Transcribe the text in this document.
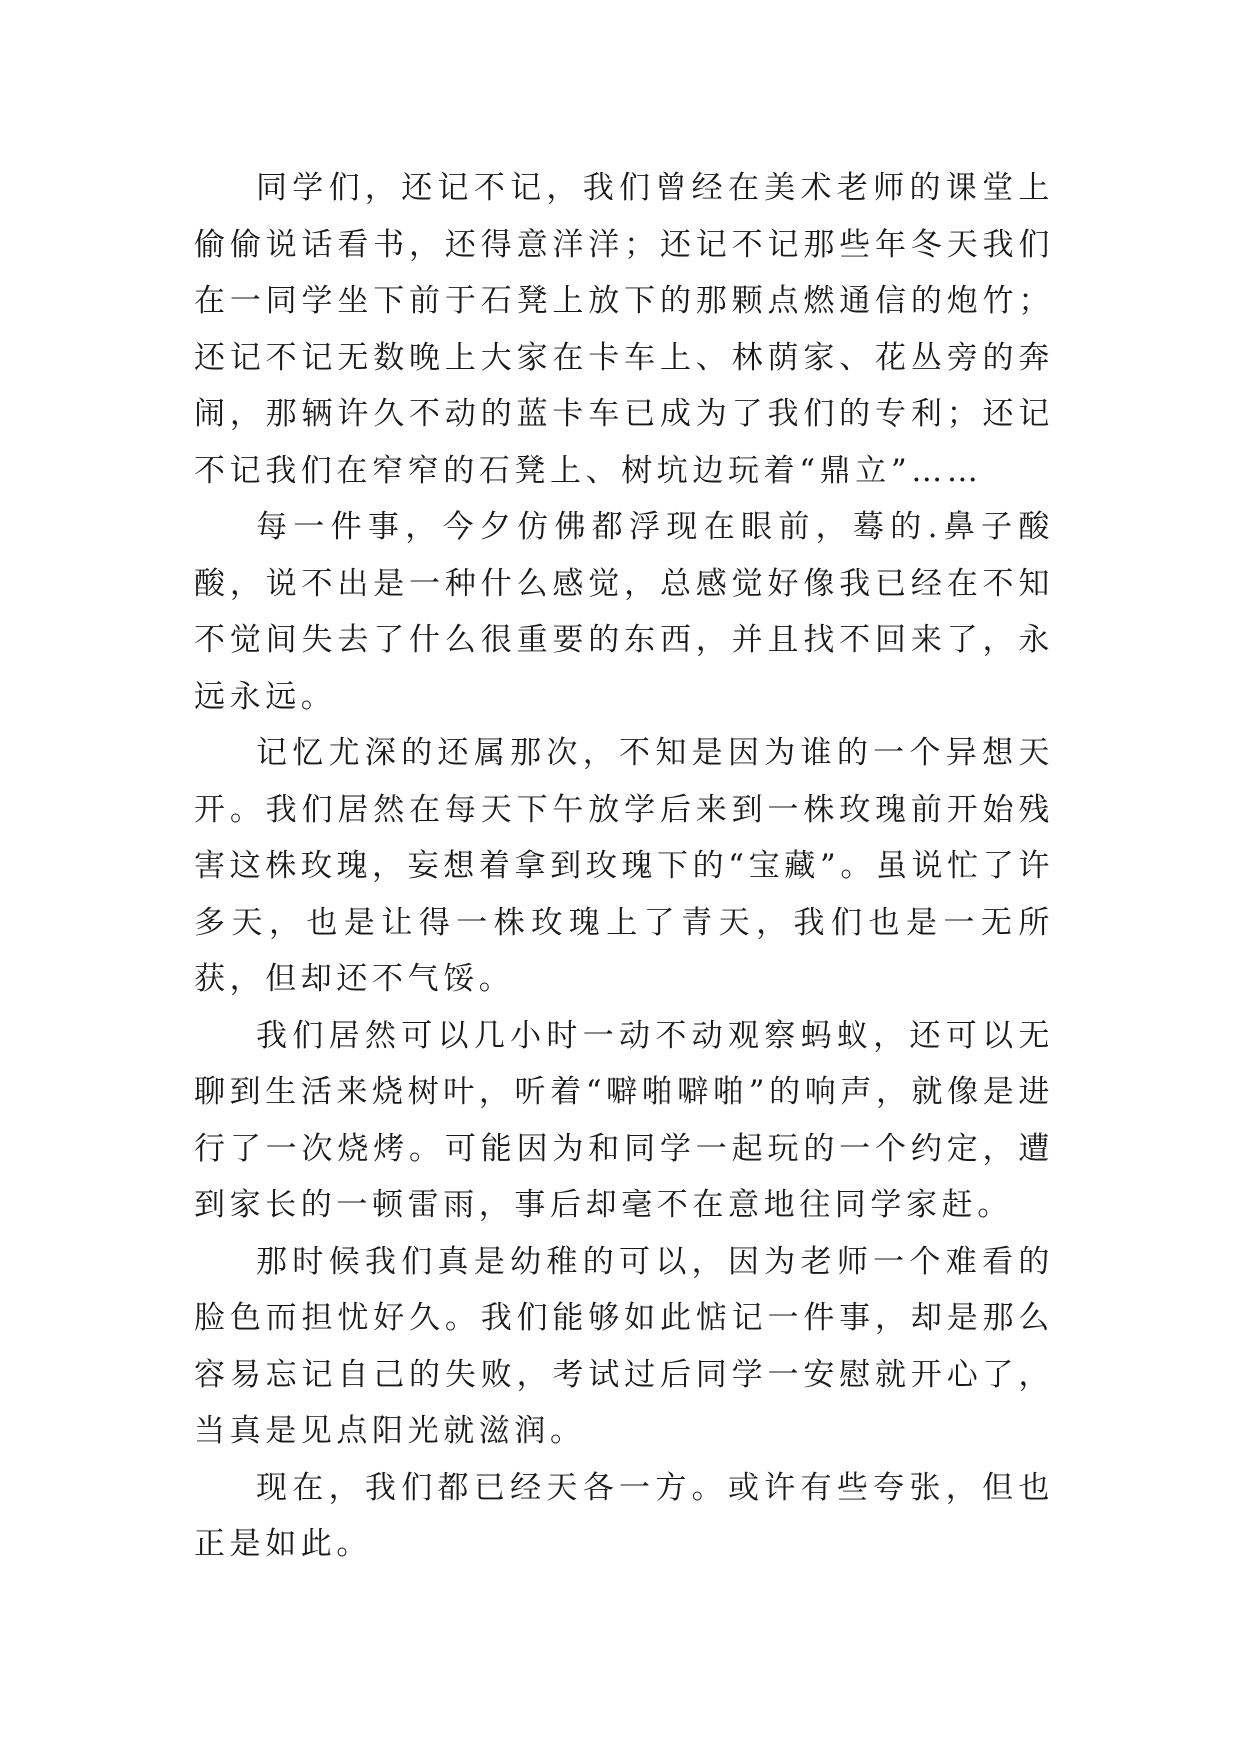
同学们，还记不记，我们曾经在美术老师的课堂上偷偷说话看书，还得意洋洋；还记不记那些年冬天我们在一同学坐下前于石凳上放下的那颗点燃通信的炮竹；还记不记无数晚上大家在卡车上、林荫家、花丛旁的奔闹，那辆许久不动的蓝卡车已成为了我们的专利；还记不记我们在窄窄的石凳上、树坑边玩着“鼎立”……

每一件事，今夕仿佛都浮现在眼前，蓦的.鼻子酸酸，说不出是一种什么感觉，总感觉好像我已经在不知不觉间失去了什么很重要的东西，并且找不回来了，永远永远。

记忆尤深的还属那次，不知是因为谁的一个异想天开。我们居然在每天下午放学后来到一株玫瑰前开始残害这株玫瑰，妄想着拿到玫瑰下的“宝藏”。虽说忙了许多天，也是让得一株玫瑰上了青天，我们也是一无所获，但却还不气馁。

我们居然可以几小时一动不动观察蚂蚁，还可以无聊到生活来烧树叶，听着“噼啪噼啪”的响声，就像是进行了一次烧烤。可能因为和同学一起玩的一个约定，遭到家长的一顿雷雨，事后却毫不在意地往同学家赶。

那时候我们真是幼稚的可以，因为老师一个难看的脸色而担忧好久。我们能够如此惦记一件事，却是那么容易忘记自己的失败，考试过后同学一安慰就开心了，当真是见点阳光就滋润。

现在，我们都已经天各一方。或许有些夸张，但也正是如此。
